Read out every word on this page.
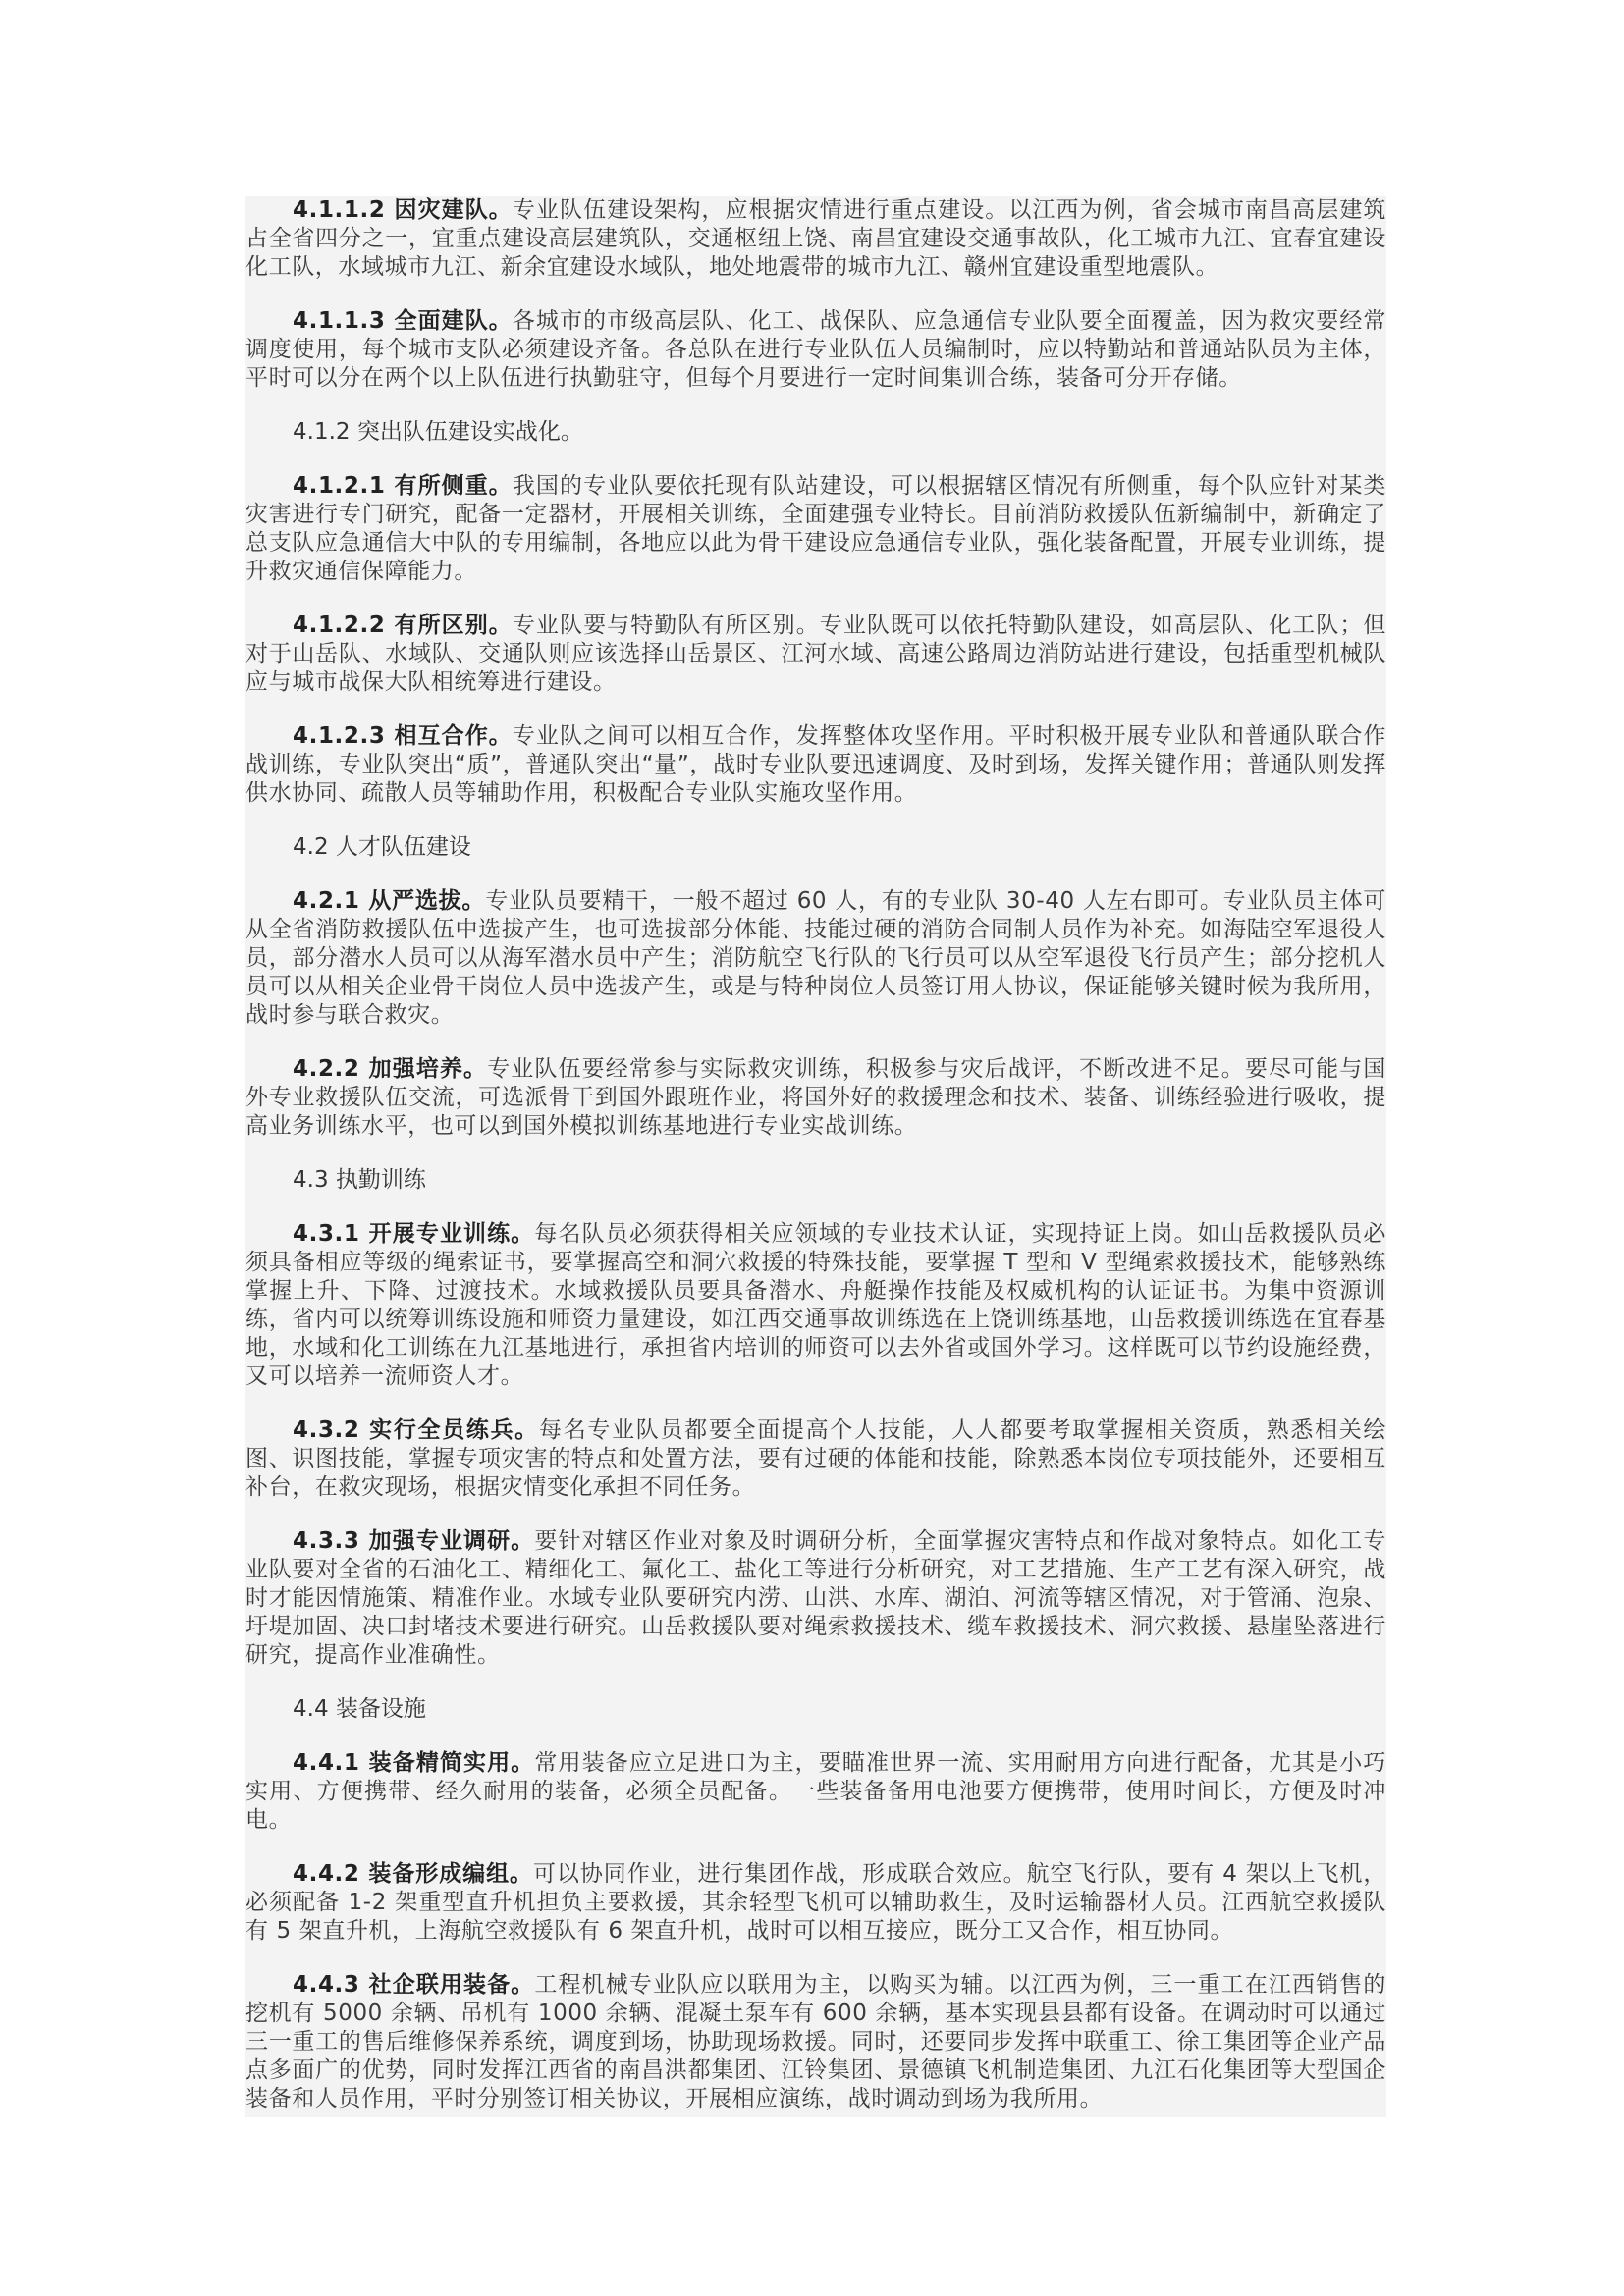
4.1.1.2 因灾建队。专业队伍建设架构，应根据灾情进行重点建设。以江西为例，省会城市南昌高层建筑占全省四分之一，宜重点建设高层建筑队，交通枢纽上饶、南昌宜建设交通事故队，化工城市九江、宜春宜建设化工队，水域城市九江、新余宜建设水域队，地处地震带的城市九江、赣州宜建设重型地震队。

4.1.1.3 全面建队。各城市的市级高层队、化工、战保队、应急通信专业队要全面覆盖，因为救灾要经常调度使用，每个城市支队必须建设齐备。各总队在进行专业队伍人员编制时，应以特勤站和普通站队员为主体，平时可以分在两个以上队伍进行执勤驻守，但每个月要进行一定时间集训合练，装备可分开存储。

4.1.2 突出队伍建设实战化。

4.1.2.1 有所侧重。我国的专业队要依托现有队站建设，可以根据辖区情况有所侧重，每个队应针对某类灾害进行专门研究，配备一定器材，开展相关训练，全面建强专业特长。目前消防救援队伍新编制中，新确定了总支队应急通信大中队的专用编制，各地应以此为骨干建设应急通信专业队，强化装备配置，开展专业训练，提升救灾通信保障能力。

4.1.2.2 有所区别。专业队要与特勤队有所区别。专业队既可以依托特勤队建设，如高层队、化工队；但对于山岳队、水域队、交通队则应该选择山岳景区、江河水域、高速公路周边消防站进行建设，包括重型机械队应与城市战保大队相统筹进行建设。

4.1.2.3 相互合作。专业队之间可以相互合作，发挥整体攻坚作用。平时积极开展专业队和普通队联合作战训练，专业队突出“质”，普通队突出“量”，战时专业队要迅速调度、及时到场，发挥关键作用；普通队则发挥供水协同、疏散人员等辅助作用，积极配合专业队实施攻坚作用。

4.2 人才队伍建设

4.2.1 从严选拔。专业队员要精干，一般不超过 60 人，有的专业队 30-40 人左右即可。专业队员主体可从全省消防救援队伍中选拔产生，也可选拔部分体能、技能过硬的消防合同制人员作为补充。如海陆空军退役人员，部分潜水人员可以从海军潜水员中产生；消防航空飞行队的飞行员可以从空军退役飞行员产生；部分挖机人员可以从相关企业骨干岗位人员中选拔产生，或是与特种岗位人员签订用人协议，保证能够关键时候为我所用，战时参与联合救灾。

4.2.2 加强培养。专业队伍要经常参与实际救灾训练，积极参与灾后战评，不断改进不足。要尽可能与国外专业救援队伍交流，可选派骨干到国外跟班作业，将国外好的救援理念和技术、装备、训练经验进行吸收，提高业务训练水平，也可以到国外模拟训练基地进行专业实战训练。

4.3 执勤训练

4.3.1 开展专业训练。每名队员必须获得相关应领域的专业技术认证，实现持证上岗。如山岳救援队员必须具备相应等级的绳索证书，要掌握高空和洞穴救援的特殊技能，要掌握 T 型和 V 型绳索救援技术，能够熟练掌握上升、下降、过渡技术。水域救援队员要具备潜水、舟艇操作技能及权威机构的认证证书。为集中资源训练，省内可以统筹训练设施和师资力量建设，如江西交通事故训练选在上饶训练基地，山岳救援训练选在宜春基地，水域和化工训练在九江基地进行，承担省内培训的师资可以去外省或国外学习。这样既可以节约设施经费，又可以培养一流师资人才。

4.3.2 实行全员练兵。每名专业队员都要全面提高个人技能，人人都要考取掌握相关资质，熟悉相关绘图、识图技能，掌握专项灾害的特点和处置方法，要有过硬的体能和技能，除熟悉本岗位专项技能外，还要相互补台，在救灾现场，根据灾情变化承担不同任务。

4.3.3 加强专业调研。要针对辖区作业对象及时调研分析，全面掌握灾害特点和作战对象特点。如化工专业队要对全省的石油化工、精细化工、氟化工、盐化工等进行分析研究，对工艺措施、生产工艺有深入研究，战时才能因情施策、精准作业。水域专业队要研究内涝、山洪、水库、湖泊、河流等辖区情况，对于管涌、泡泉、圩堤加固、决口封堵技术要进行研究。山岳救援队要对绳索救援技术、缆车救援技术、洞穴救援、悬崖坠落进行研究，提高作业准确性。

4.4 装备设施

4.4.1 装备精简实用。常用装备应立足进口为主，要瞄准世界一流、实用耐用方向进行配备，尤其是小巧实用、方便携带、经久耐用的装备，必须全员配备。一些装备备用电池要方便携带，使用时间长，方便及时冲电。

4.4.2 装备形成编组。可以协同作业，进行集团作战，形成联合效应。航空飞行队，要有 4 架以上飞机，必须配备 1-2 架重型直升机担负主要救援，其余轻型飞机可以辅助救生，及时运输器材人员。江西航空救援队有 5 架直升机，上海航空救援队有 6 架直升机，战时可以相互接应，既分工又合作，相互协同。

4.4.3 社企联用装备。工程机械专业队应以联用为主，以购买为辅。以江西为例，三一重工在江西销售的挖机有 5000 余辆、吊机有 1000 余辆、混凝土泵车有 600 余辆，基本实现县县都有设备。在调动时可以通过三一重工的售后维修保养系统，调度到场，协助现场救援。同时，还要同步发挥中联重工、徐工集团等企业产品点多面广的优势，同时发挥江西省的南昌洪都集团、江铃集团、景德镇飞机制造集团、九江石化集团等大型国企装备和人员作用，平时分别签订相关协议，开展相应演练，战时调动到场为我所用。
